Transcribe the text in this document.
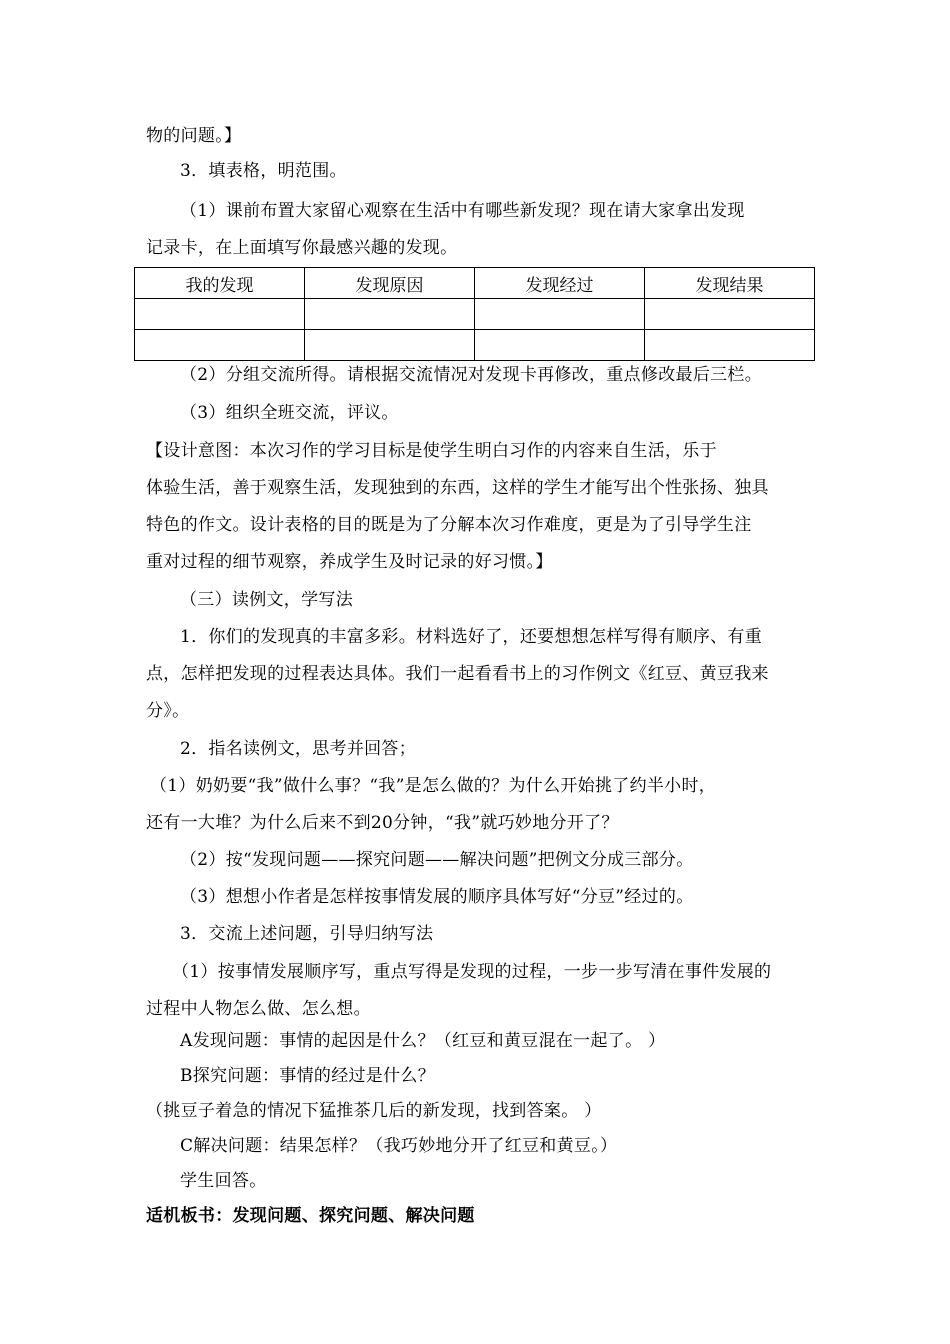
物的问题。】
3．填表格，明范围。
（1）课前布置大家留心观察在生活中有哪些新发现？现在请大家拿出发现
记录卡，在上面填写你最感兴趣的发现。
我的发现	发现原因	发现经过	发现结果

（2）分组交流所得。请根据交流情况对发现卡再修改，重点修改最后三栏。
（3）组织全班交流，评议。
【设计意图：本次习作的学习目标是使学生明白习作的内容来自生活，乐于
体验生活，善于观察生活，发现独到的东西，这样的学生才能写出个性张扬、独具
特色的作文。设计表格的目的既是为了分解本次习作难度，更是为了引导学生注
重对过程的细节观察，养成学生及时记录的好习惯。】
（三）读例文，学写法
1．你们的发现真的丰富多彩。材料选好了，还要想想怎样写得有顺序、有重
点，怎样把发现的过程表达具体。我们一起看看书上的习作例文《红豆、黄豆我来
分》。
2．指名读例文，思考并回答；
（1）奶奶要“我”做什么事？“我”是怎么做的？为什么开始挑了约半小时，
还有一大堆？为什么后来不到20分钟，“我”就巧妙地分开了？
（2）按“发现问题——探究问题——解决问题”把例文分成三部分。
（3）想想小作者是怎样按事情发展的顺序具体写好“分豆”经过的。
3．交流上述问题，引导归纳写法
（1）按事情发展顺序写，重点写得是发现的过程，一步一步写清在事件发展的
过程中人物怎么做、怎么想。
A发现问题：事情的起因是什么？（红豆和黄豆混在一起了。 ）
B探究问题：事情的经过是什么？
（挑豆子着急的情况下猛推茶几后的新发现，找到答案。 ）
C解决问题：结果怎样？（我巧妙地分开了红豆和黄豆。）
学生回答。
适机板书：发现问题、探究问题、解决问题
